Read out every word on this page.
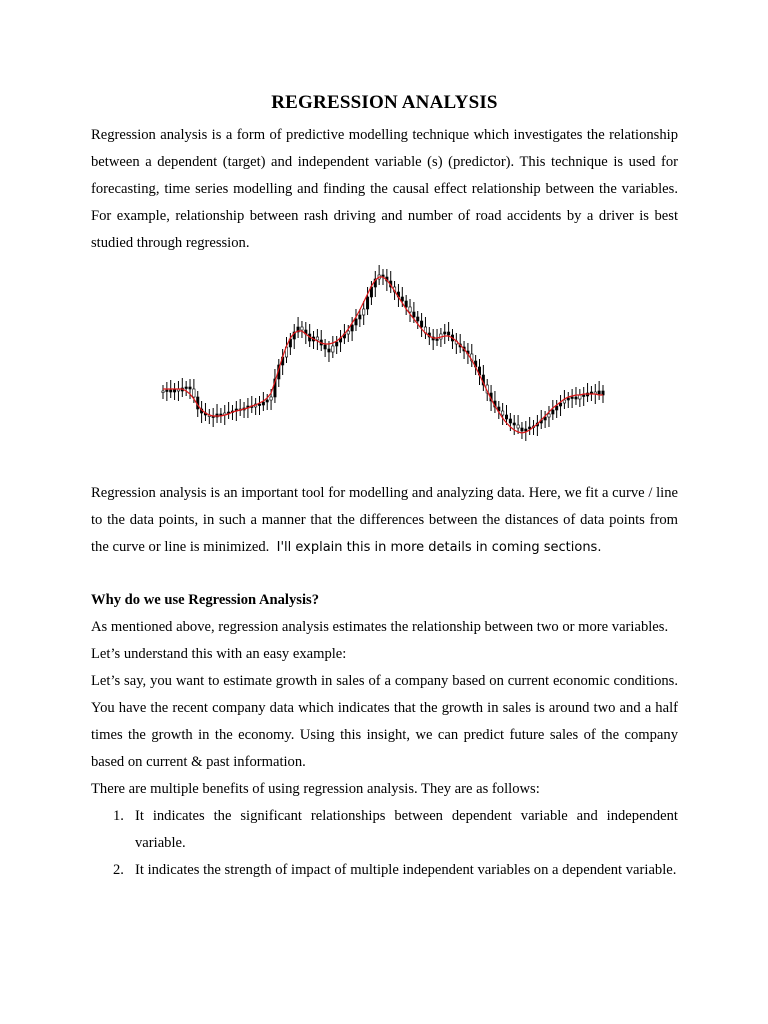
REGRESSION ANALYSIS

Regression analysis is a form of predictive modelling technique which investigates the relationship between a dependent (target) and independent variable (s) (predictor). This technique is used for forecasting, time series modelling and finding the causal effect relationship between the variables. For example, relationship between rash driving and number of road accidents by a driver is best studied through regression.

Regression analysis is an important tool for modelling and analyzing data. Here, we fit a curve / line to the data points, in such a manner that the differences between the distances of data points from the curve or line is minimized. I'll explain this in more details in coming sections.

Why do we use Regression Analysis?

As mentioned above, regression analysis estimates the relationship between two or more variables.

Let’s understand this with an easy example:

Let’s say, you want to estimate growth in sales of a company based on current economic conditions. You have the recent company data which indicates that the growth in sales is around two and a half times the growth in the economy. Using this insight, we can predict future sales of the company based on current & past information.

There are multiple benefits of using regression analysis. They are as follows:

1. It indicates the significant relationships between dependent variable and independent variable.
2. It indicates the strength of impact of multiple independent variables on a dependent variable.
